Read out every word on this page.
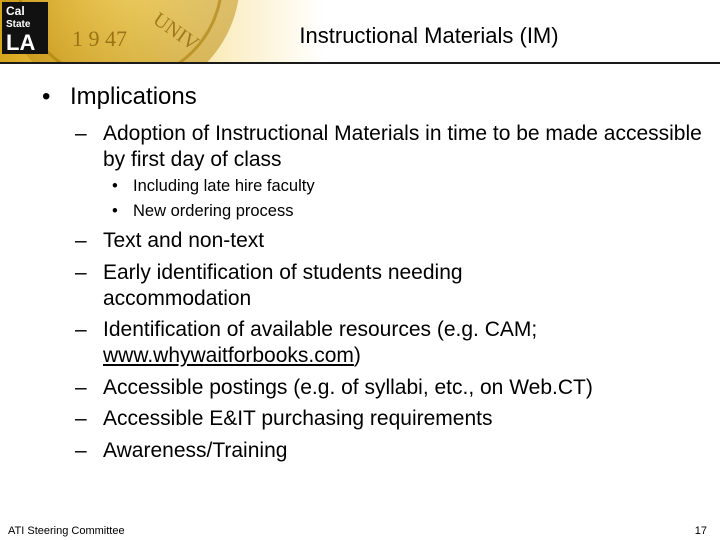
1 9 47 UNIV
Cal
State
LA	Instructional Materials (IM)
• Implications
– Adoption of Instructional Materials in time to be made accessible by first day of class
• Including late hire faculty
• New ordering process
– Text and non-text
– Early identification of students needing accommodation
– Identification of available resources (e.g. CAM; www.whywaitforbooks.com)
– Accessible postings (e.g. of syllabi, etc., on Web.CT)
– Accessible E&IT purchasing requirements
– Awareness/Training
ATI Steering Committee	17
